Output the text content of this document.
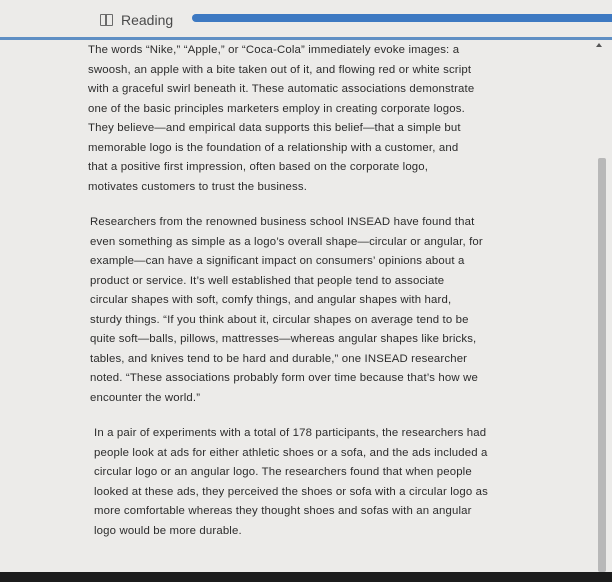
Reading

The words “Nike,” “Apple,” or “Coca-Cola” immediately evoke images: a
swoosh, an apple with a bite taken out of it, and flowing red or white script
with a graceful swirl beneath it. These automatic associations demonstrate
one of the basic principles marketers employ in creating corporate logos.
They believe—and empirical data supports this belief—that a simple but
memorable logo is the foundation of a relationship with a customer, and
that a positive first impression, often based on the corporate logo,
motivates customers to trust the business.

Researchers from the renowned business school INSEAD have found that
even something as simple as a logo’s overall shape—circular or angular, for
example—can have a significant impact on consumers’ opinions about a
product or service. It’s well established that people tend to associate
circular shapes with soft, comfy things, and angular shapes with hard,
sturdy things. “If you think about it, circular shapes on average tend to be
quite soft—balls, pillows, mattresses—whereas angular shapes like bricks,
tables, and knives tend to be hard and durable,” one INSEAD researcher
noted. “These associations probably form over time because that’s how we
encounter the world.”

In a pair of experiments with a total of 178 participants, the researchers had
people look at ads for either athletic shoes or a sofa, and the ads included a
circular logo or an angular logo. The researchers found that when people
looked at these ads, they perceived the shoes or sofa with a circular logo as
more comfortable whereas they thought shoes and sofas with an angular
logo would be more durable.
